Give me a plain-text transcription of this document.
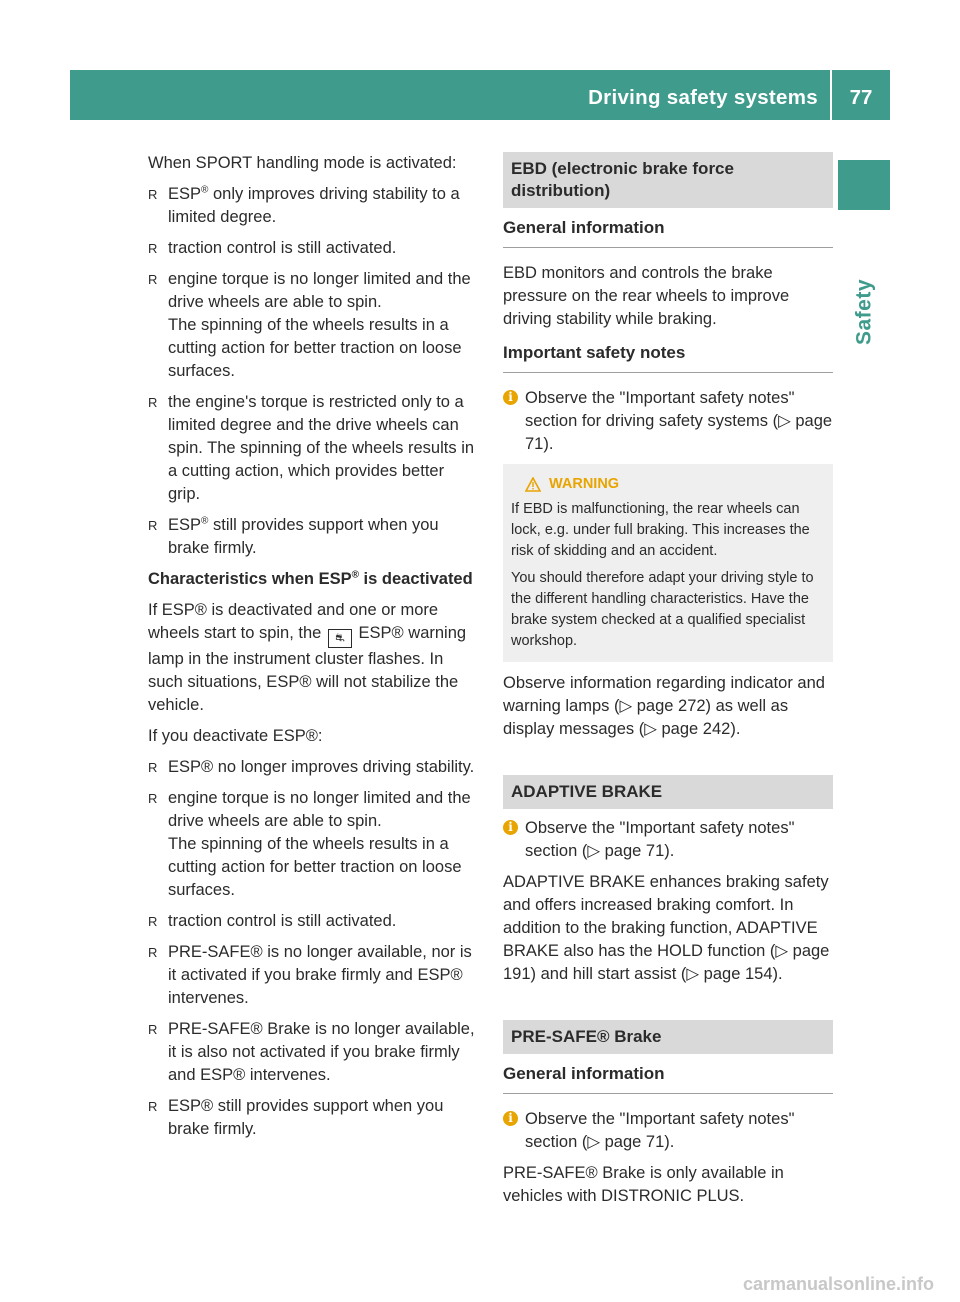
Driving safety systems	77
Safety

When SPORT handling mode is activated:

R ESP® only improves driving stability to a limited degree.
R traction control is still activated.
R engine torque is no longer limited and the drive wheels are able to spin.
The spinning of the wheels results in a cutting action for better traction on loose surfaces.
R the engine's torque is restricted only to a limited degree and the drive wheels can spin. The spinning of the wheels results in a cutting action, which provides better grip.
R ESP® still provides support when you brake firmly.

Characteristics when ESP® is deactivated

If ESP® is deactivated and one or more wheels start to spin, the ⛐ ESP® warning lamp in the instrument cluster flashes. In such situations, ESP® will not stabilize the vehicle.

If you deactivate ESP®:

R ESP® no longer improves driving stability.
R engine torque is no longer limited and the drive wheels are able to spin.
The spinning of the wheels results in a cutting action for better traction on loose surfaces.
R traction control is still activated.
R PRE-SAFE® is no longer available, nor is it activated if you brake firmly and ESP® intervenes.
R PRE-SAFE® Brake is no longer available, it is also not activated if you brake firmly and ESP® intervenes.
R ESP® still provides support when you brake firmly.
EBD (electronic brake force distribution)
General information

EBD monitors and controls the brake pressure on the rear wheels to improve driving stability while braking.

Important safety notes
i Observe the "Important safety notes" section for driving safety systems (▷ page 71).
WARNING

If EBD is malfunctioning, the rear wheels can lock, e.g. under full braking. This increases the risk of skidding and an accident.

You should therefore adapt your driving style to the different handling characteristics. Have the brake system checked at a qualified specialist workshop.

Observe information regarding indicator and warning lamps (▷ page 272) as well as display messages (▷ page 242).

ADAPTIVE BRAKE
i Observe the "Important safety notes" section (▷ page 71).

ADAPTIVE BRAKE enhances braking safety and offers increased braking comfort. In addition to the braking function, ADAPTIVE BRAKE also has the HOLD function (▷ page 191) and hill start assist (▷ page 154).

PRE-SAFE® Brake
General information
i Observe the "Important safety notes" section (▷ page 71).

PRE-SAFE® Brake is only available in vehicles with DISTRONIC PLUS.

carmanualsonline.info
